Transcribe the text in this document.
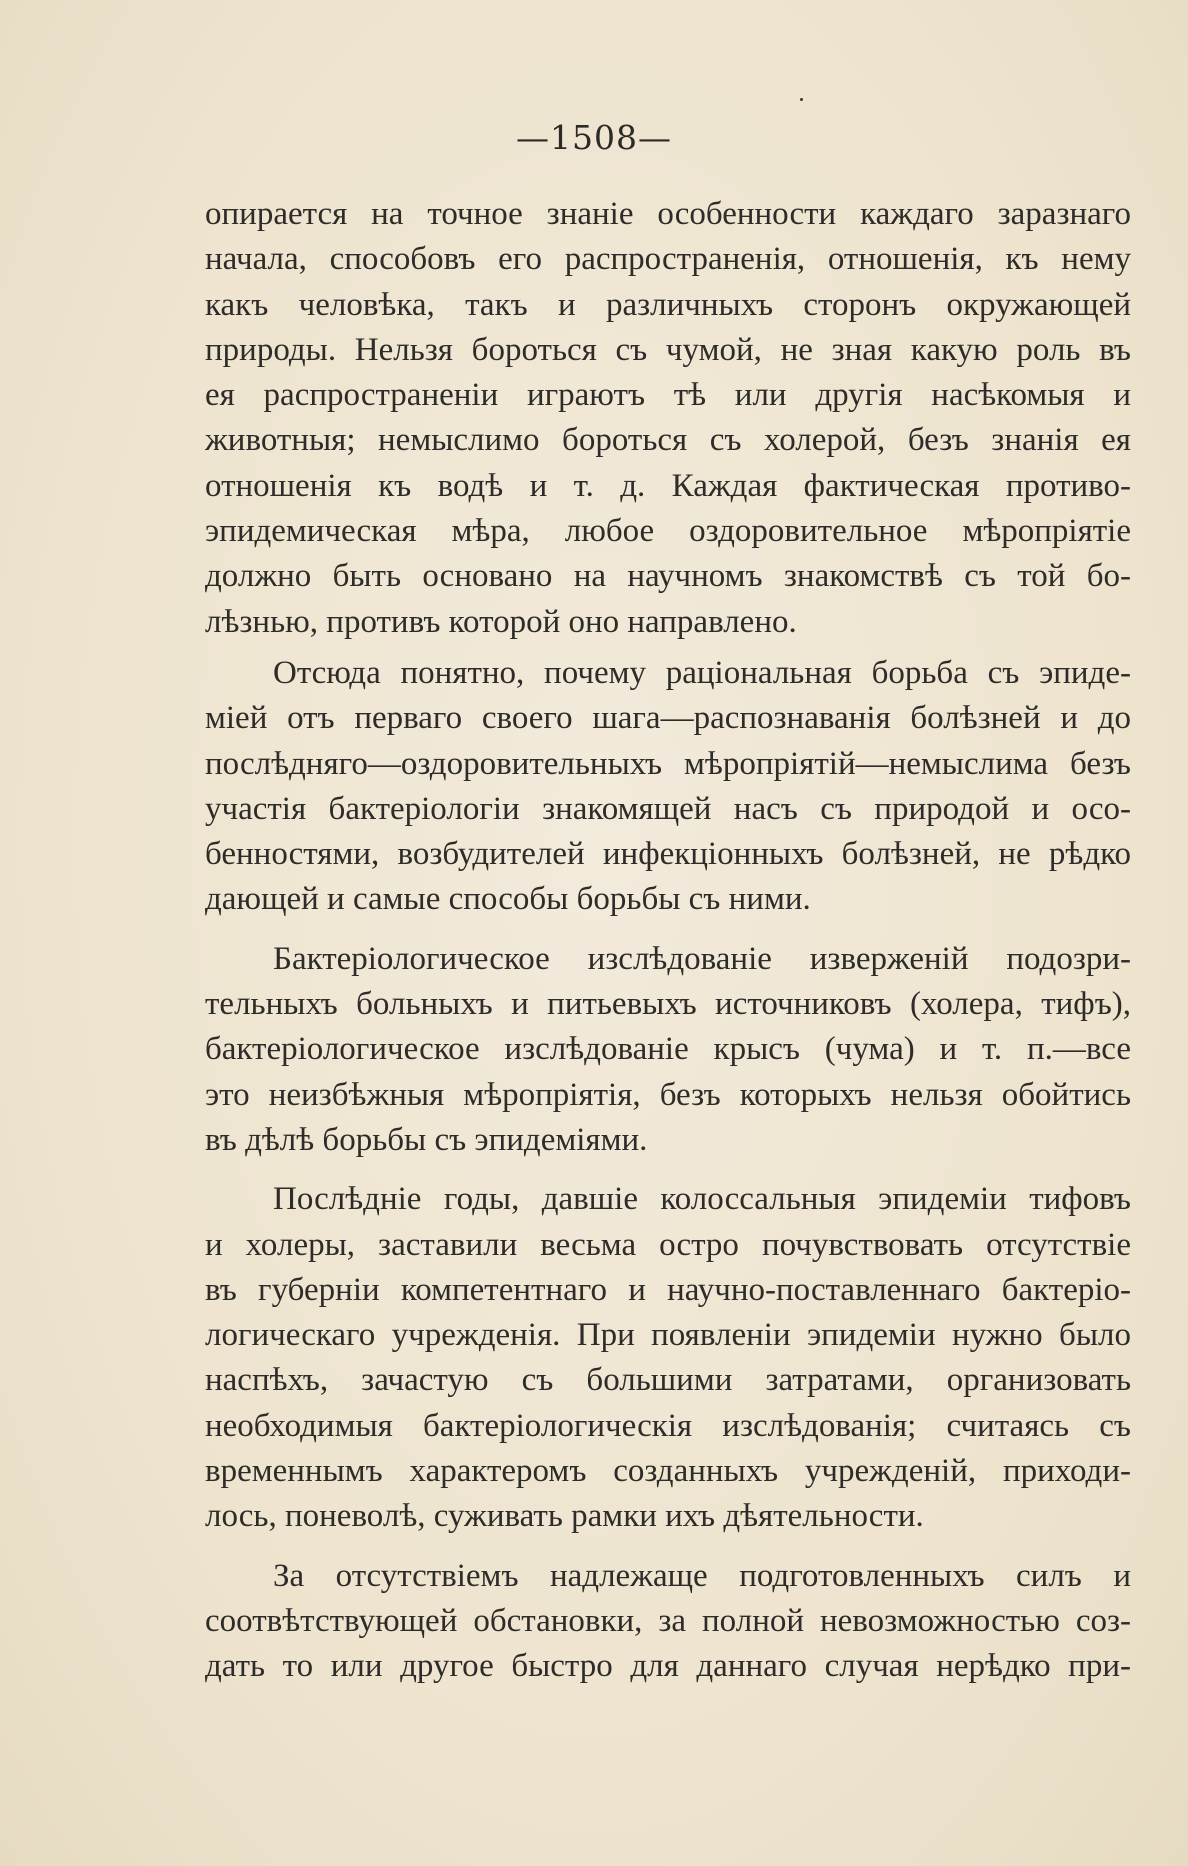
—1508—
опирается на точное знаніе особенности каждаго заразнаго
начала, способовъ его распространенія, отношенія, къ нему
какъ человѣка, такъ и различныхъ сторонъ окружающей
природы. Нельзя бороться съ чумой, не зная какую роль въ
ея распространеніи играютъ тѣ или другія насѣкомыя и
животныя; немыслимо бороться съ холерой, безъ знанія ея
отношенія къ водѣ и т. д. Каждая фактическая противо-
эпидемическая мѣра, любое оздоровительное мѣропріятіе
должно быть основано на научномъ знакомствѣ съ той бо-
лѣзнью, противъ которой оно направлено.
Отсюда понятно, почему раціональная борьба съ эпиде-
міей отъ перваго своего шага—распознаванія болѣзней и до
послѣдняго—оздоровительныхъ мѣропріятій—немыслима безъ
участія бактеріологіи знакомящей насъ съ природой и осо-
бенностями, возбудителей инфекціонныхъ болѣзней, не рѣдко
дающей и самые способы борьбы съ ними.
Бактеріологическое изслѣдованіе изверженій подозри-
тельныхъ больныхъ и питьевыхъ источниковъ (холера, тифъ),
бактеріологическое изслѣдованіе крысъ (чума) и т. п.—все
это неизбѣжныя мѣропріятія, безъ которыхъ нельзя обойтись
въ дѣлѣ борьбы съ эпидеміями.
Послѣдніе годы, давшіе колоссальныя эпидеміи тифовъ
и холеры, заставили весьма остро почувствовать отсутствіе
въ губерніи компетентнаго и научно-поставленнаго бактеріо-
логическаго учрежденія. При появленіи эпидеміи нужно было
наспѣхъ, зачастую съ большими затратами, организовать
необходимыя бактеріологическія изслѣдованія; считаясь съ
временнымъ характеромъ созданныхъ учрежденій, приходи-
лось, поневолѣ, суживать рамки ихъ дѣятельности.
За отсутствіемъ надлежаще подготовленныхъ силъ и
соотвѣтствующей обстановки, за полной невозможностью соз-
дать то или другое быстро для даннаго случая нерѣдко при-
